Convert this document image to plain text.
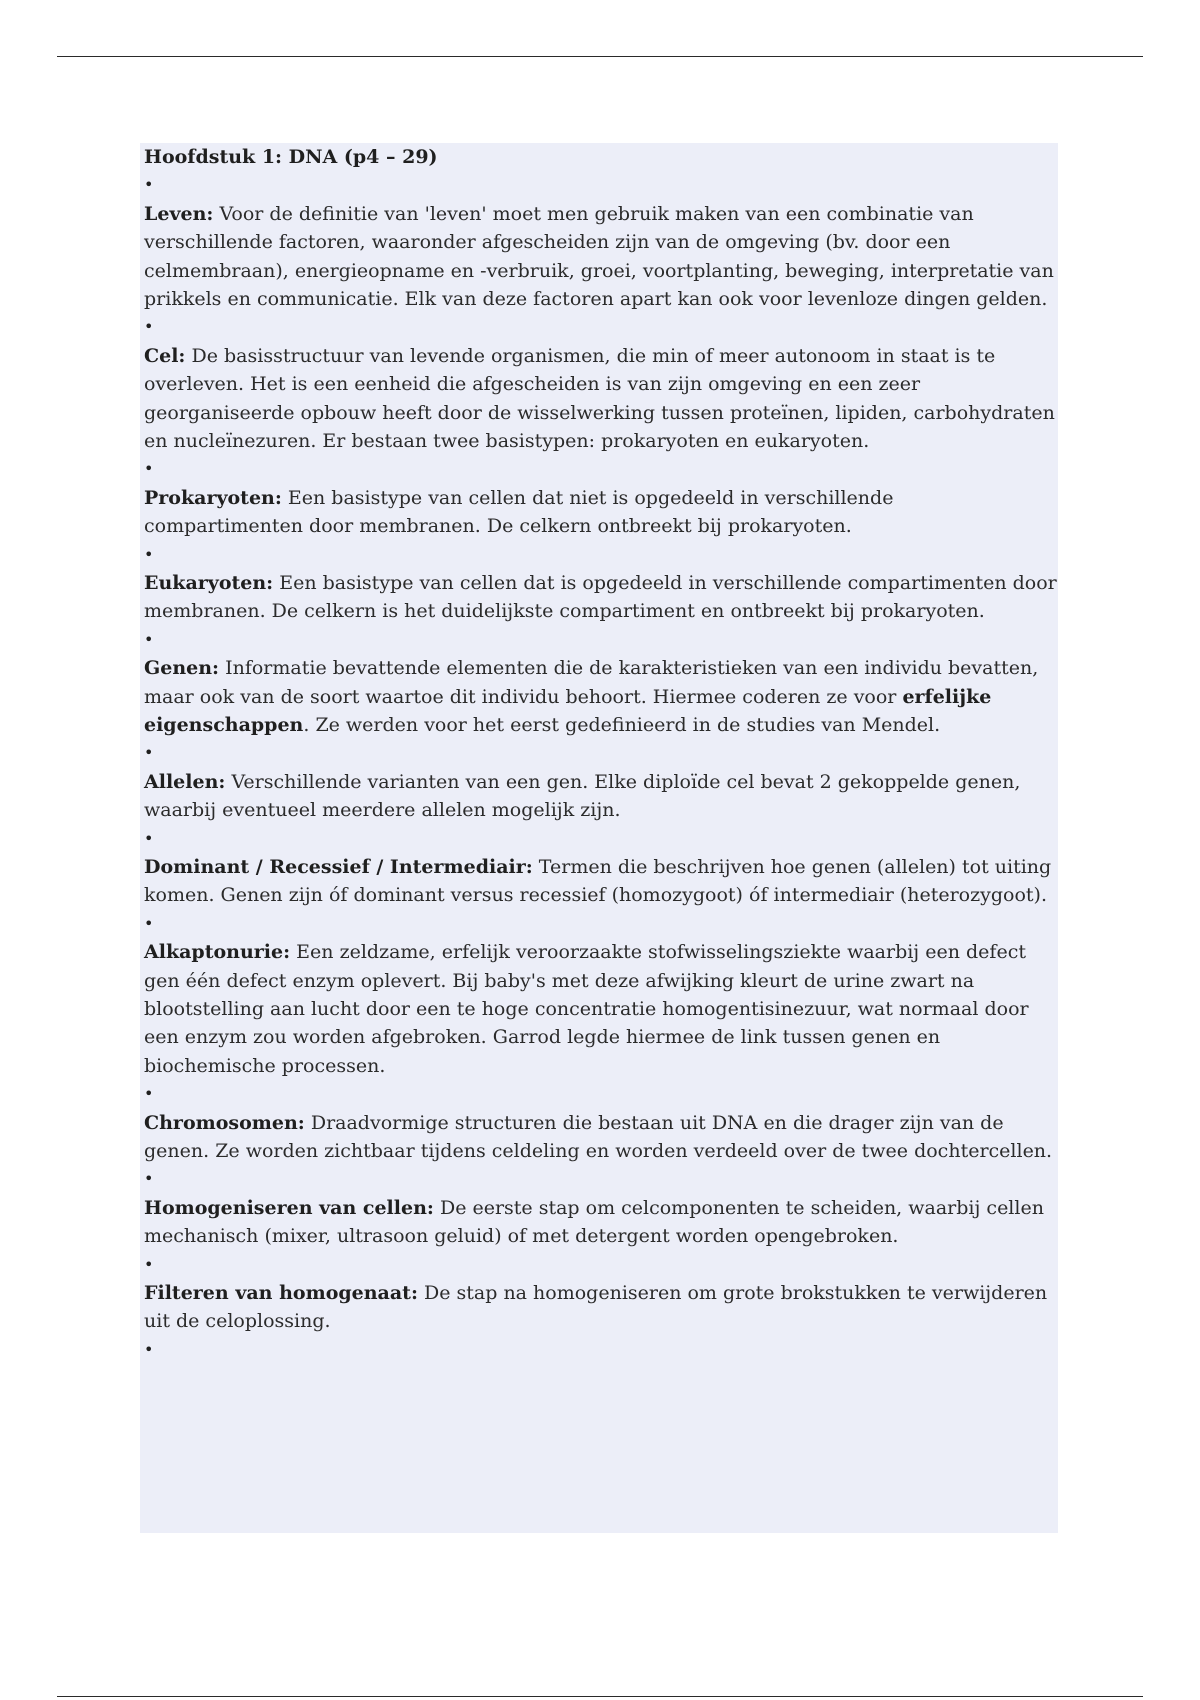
Hoofdstuk 1: DNA (p4 – 29)

•

Leven: Voor de definitie van 'leven' moet men gebruik maken van een combinatie van verschillende factoren, waaronder afgescheiden zijn van de omgeving (bv. door een celmembraan), energieopname en -verbruik, groei, voortplanting, beweging, interpretatie van prikkels en communicatie. Elk van deze factoren apart kan ook voor levenloze dingen gelden.

•

Cel: De basisstructuur van levende organismen, die min of meer autonoom in staat is te overleven. Het is een eenheid die afgescheiden is van zijn omgeving en een zeer georganiseerde opbouw heeft door de wisselwerking tussen proteïnen, lipiden, carbohydraten en nucleïnezuren. Er bestaan twee basistypen: prokaryoten en eukaryoten.

•

Prokaryoten: Een basistype van cellen dat niet is opgedeeld in verschillende compartimenten door membranen. De celkern ontbreekt bij prokaryoten.

•

Eukaryoten: Een basistype van cellen dat is opgedeeld in verschillende compartimenten door membranen. De celkern is het duidelijkste compartiment en ontbreekt bij prokaryoten.

•

Genen: Informatie bevattende elementen die de karakteristieken van een individu bevatten, maar ook van de soort waartoe dit individu behoort. Hiermee coderen ze voor erfelijke eigenschappen. Ze werden voor het eerst gedefinieerd in de studies van Mendel.

•

Allelen: Verschillende varianten van een gen. Elke diploïde cel bevat 2 gekoppelde genen, waarbij eventueel meerdere allelen mogelijk zijn.

•

Dominant / Recessief / Intermediair: Termen die beschrijven hoe genen (allelen) tot uiting komen. Genen zijn óf dominant versus recessief (homozygoot) óf intermediair (heterozygoot).

•

Alkaptonurie: Een zeldzame, erfelijk veroorzaakte stofwisselingsziekte waarbij een defect gen één defect enzym oplevert. Bij baby's met deze afwijking kleurt de urine zwart na blootstelling aan lucht door een te hoge concentratie homogentisinezuur, wat normaal door een enzym zou worden afgebroken. Garrod legde hiermee de link tussen genen en biochemische processen.

•

Chromosomen: Draadvormige structuren die bestaan uit DNA en die drager zijn van de genen. Ze worden zichtbaar tijdens celdeling en worden verdeeld over de twee dochtercellen.

•

Homogeniseren van cellen: De eerste stap om celcomponenten te scheiden, waarbij cellen mechanisch (mixer, ultrasoon geluid) of met detergent worden opengebroken.

•

Filteren van homogenaat: De stap na homogeniseren om grote brokstukken te verwijderen uit de celoplossing.

•
